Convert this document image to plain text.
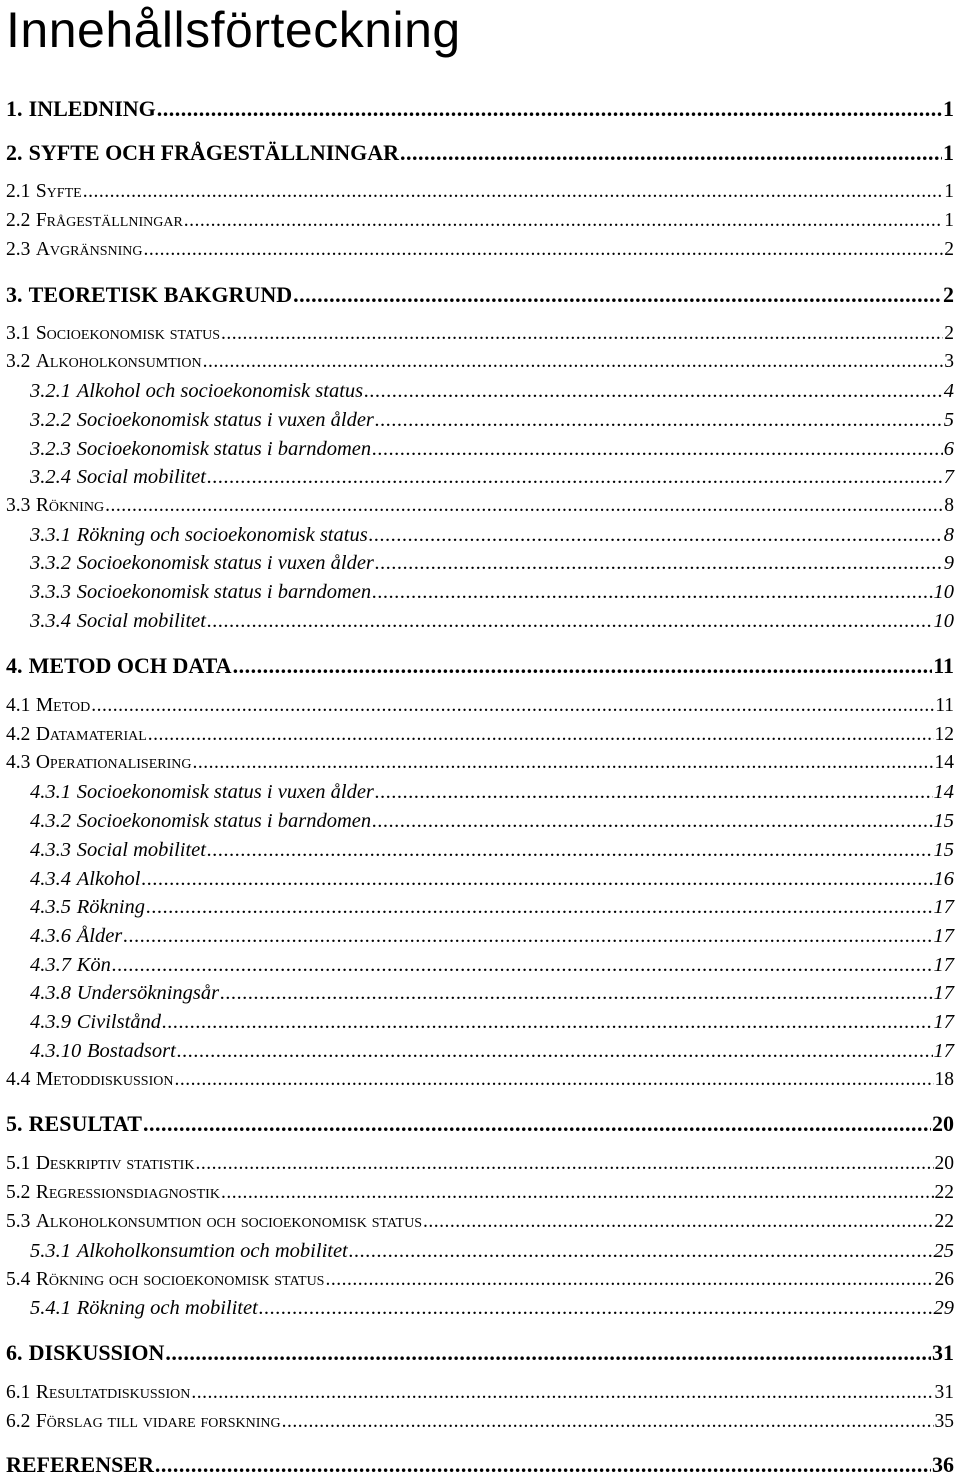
Innehållsförteckning
1. INLEDNING .....	1
2. SYFTE OCH FRÅGESTÄLLNINGAR .....	1
2.1 Syfte .....	1
2.2 Frågeställningar .....	1
2.3 Avgränsning .....	2
3. TEORETISK BAKGRUND .....	2
3.1 Socioekonomisk status .....	2
3.2 Alkoholkonsumtion .....	3
3.2.1 Alkohol och socioekonomisk status .....	4
3.2.2 Socioekonomisk status i vuxen ålder .....	5
3.2.3 Socioekonomisk status i barndomen .....	6
3.2.4 Social mobilitet .....	7
3.3 Rökning .....	8
3.3.1 Rökning och socioekonomisk status .....	8
3.3.2 Socioekonomisk status i vuxen ålder .....	9
3.3.3 Socioekonomisk status i barndomen .....	10
3.3.4 Social mobilitet .....	10
4. METOD OCH DATA .....	11
4.1 Metod .....	11
4.2 Datamaterial .....	12
4.3 Operationalisering .....	14
4.3.1 Socioekonomisk status i vuxen ålder .....	14
4.3.2 Socioekonomisk status i barndomen .....	15
4.3.3 Social mobilitet .....	15
4.3.4 Alkohol .....	16
4.3.5 Rökning .....	17
4.3.6 Ålder .....	17
4.3.7 Kön .....	17
4.3.8 Undersökningsår .....	17
4.3.9 Civilstånd .....	17
4.3.10 Bostadsort .....	17
4.4 Metoddiskussion .....	18
5. RESULTAT .....	20
5.1 Deskriptiv statistik .....	20
5.2 Regressionsdiagnostik .....	22
5.3 Alkoholkonsumtion och socioekonomisk status .....	22
5.3.1 Alkoholkonsumtion och mobilitet .....	25
5.4 Rökning och socioekonomisk status .....	26
5.4.1 Rökning och mobilitet .....	29
6. DISKUSSION .....	31
6.1 Resultatdiskussion .....	31
6.2 Förslag till vidare forskning .....	35
REFERENSER .....	36
